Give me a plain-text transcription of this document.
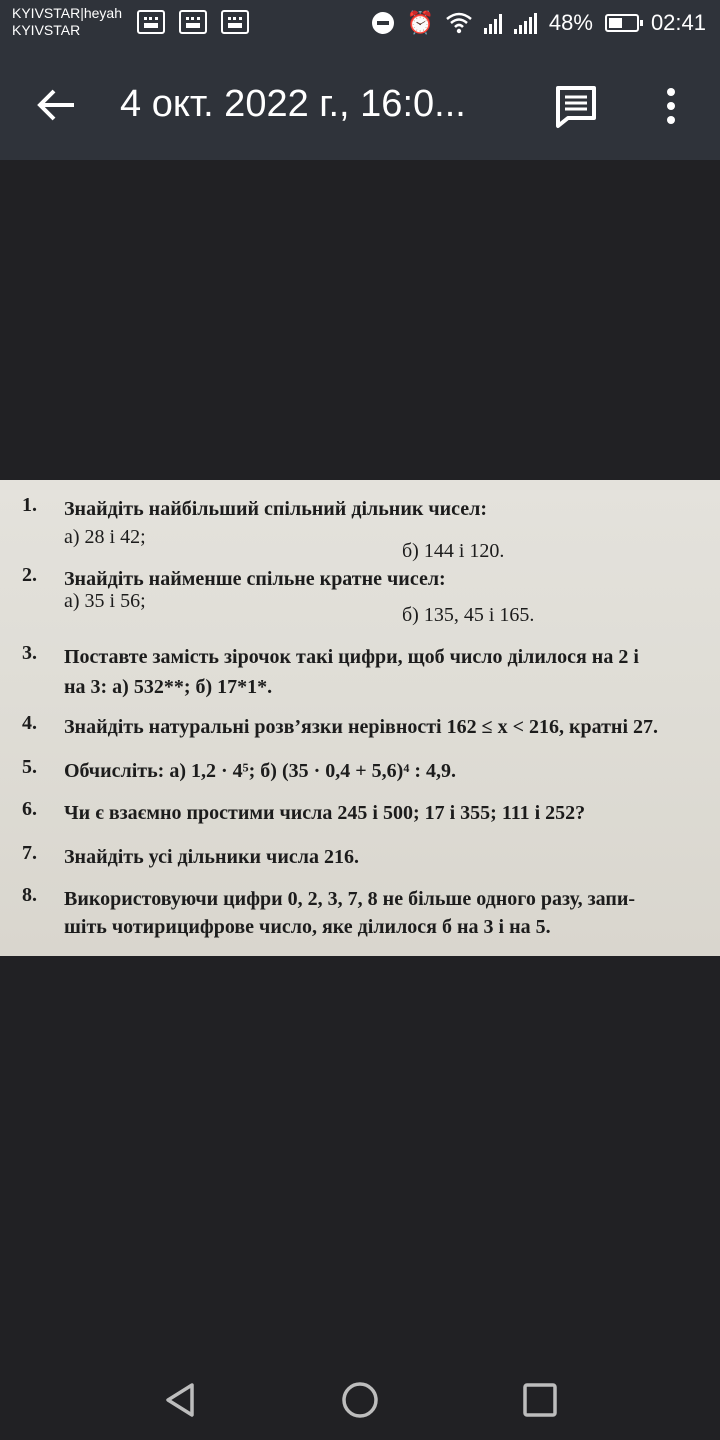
KYIVSTAR|heyah
KYIVSTAR	⏰	48%	02:41
4 окт. 2022 г., 16:0...
1. Знайдіть найбільший спільний дільник чисел:
а) 28 і 42;
б) 144 і 120.
2. Знайдіть найменше спільне кратне чисел:
а) 35 і 56;
б) 135, 45 і 165.
3. Поставте замість зірочок такі цифри, щоб число ділилося на 2 і
на 3: а) 532**; б) 17*1*.
4. Знайдіть натуральні розв’язки нерівності 162 ≤ x < 216, кратні 27.
5. Обчисліть: а) 1,2 · 4⁵; б) (35 · 0,4 + 5,6)⁴ : 4,9.
6. Чи є взаємно простими числа 245 і 500; 17 і 355; 111 і 252?
7. Знайдіть усі дільники числа 216.
8. Використовуючи цифри 0, 2, 3, 7, 8 не більше одного разу, запи-
шіть чотирицифрове число, яке ділилося б на 3 і на 5.
